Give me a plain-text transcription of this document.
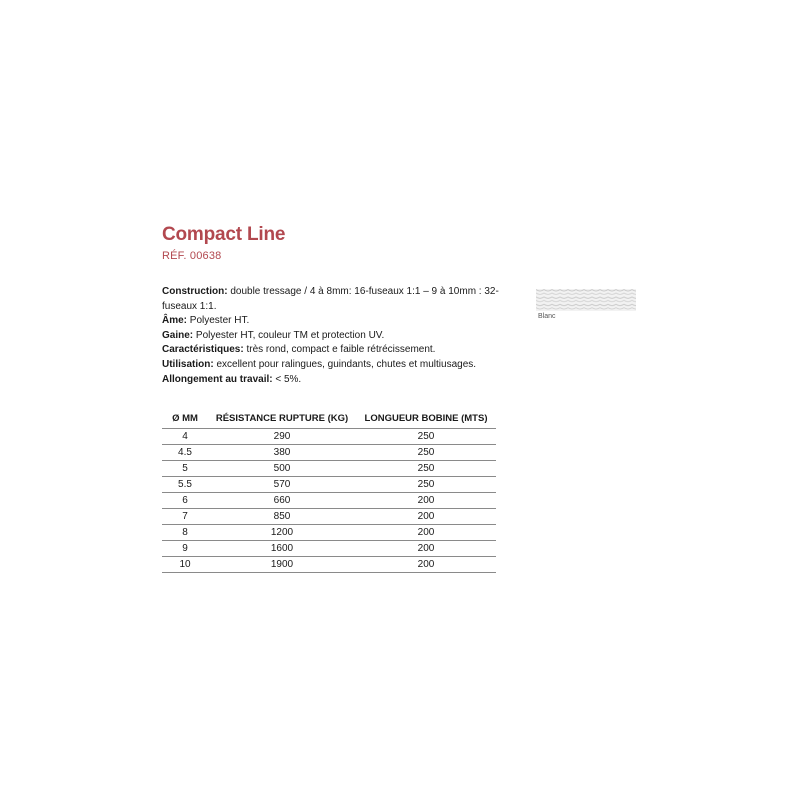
Compact Line
RÉF. 00638
Construction: double tressage / 4 à 8mm: 16-fuseaux 1:1 – 9 à 10mm : 32-fuseaux 1:1.
Âme: Polyester HT.
Gaine: Polyester HT, couleur TM et protection UV.
Caractéristiques: très rond, compact e faible rétrécissement.
Utilisation: excellent pour ralingues, guindants, chutes et multiusages.
Allongement au travail: < 5%.
Blanc
Ø MM	RÉSISTANCE RUPTURE (KG)	LONGUEUR BOBINE (MTS)
4	290	250
4.5	380	250
5	500	250
5.5	570	250
6	660	200
7	850	200
8	1200	200
9	1600	200
10	1900	200
